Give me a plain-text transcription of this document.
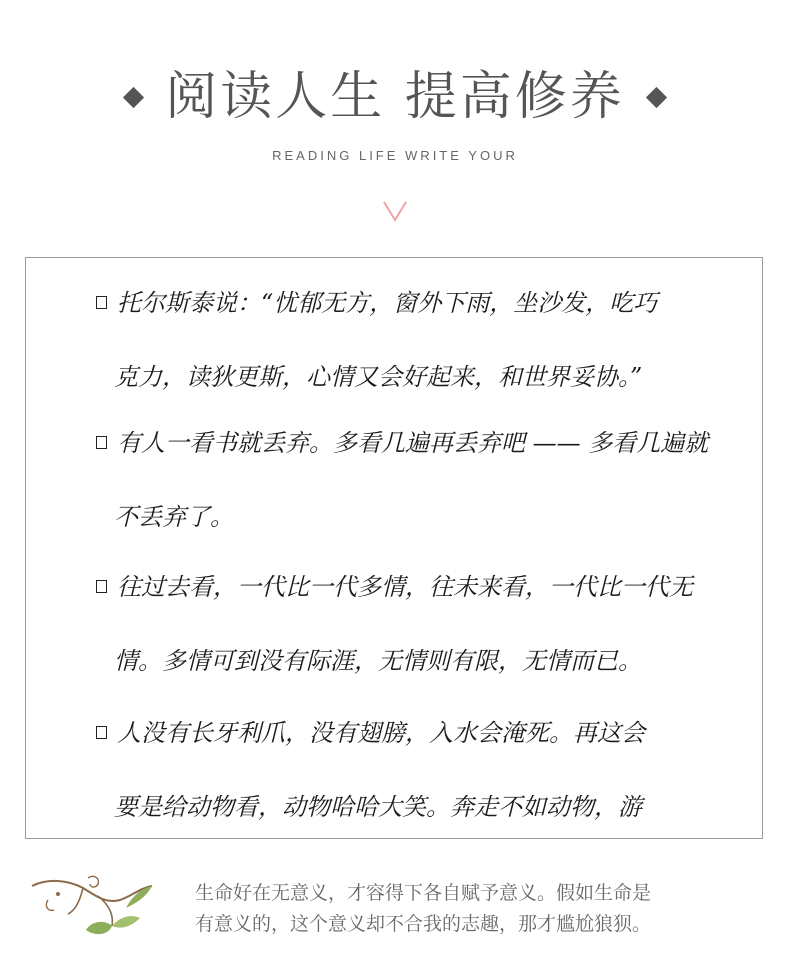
阅读人生 提高修养
READING LIFE WRITE YOUR
托尔斯泰说：“忧郁无方，窗外下雨，坐沙发，吃巧
克力，读狄更斯，心情又会好起来，和世界妥协。”
有人一看书就丢弃。多看几遍再丢弃吧 —— 多看几遍就
不丢弃了。
往过去看，一代比一代多情，往未来看，一代比一代无
情。多情可到没有际涯，无情则有限，无情而已。
人没有长牙利爪，没有翅膀，入水会淹死。再这会
要是给动物看，动物哈哈大笑。奔走不如动物，游
生命好在无意义，才容得下各自赋予意义。假如生命是
有意义的，这个意义却不合我的志趣，那才尴尬狼狈。
